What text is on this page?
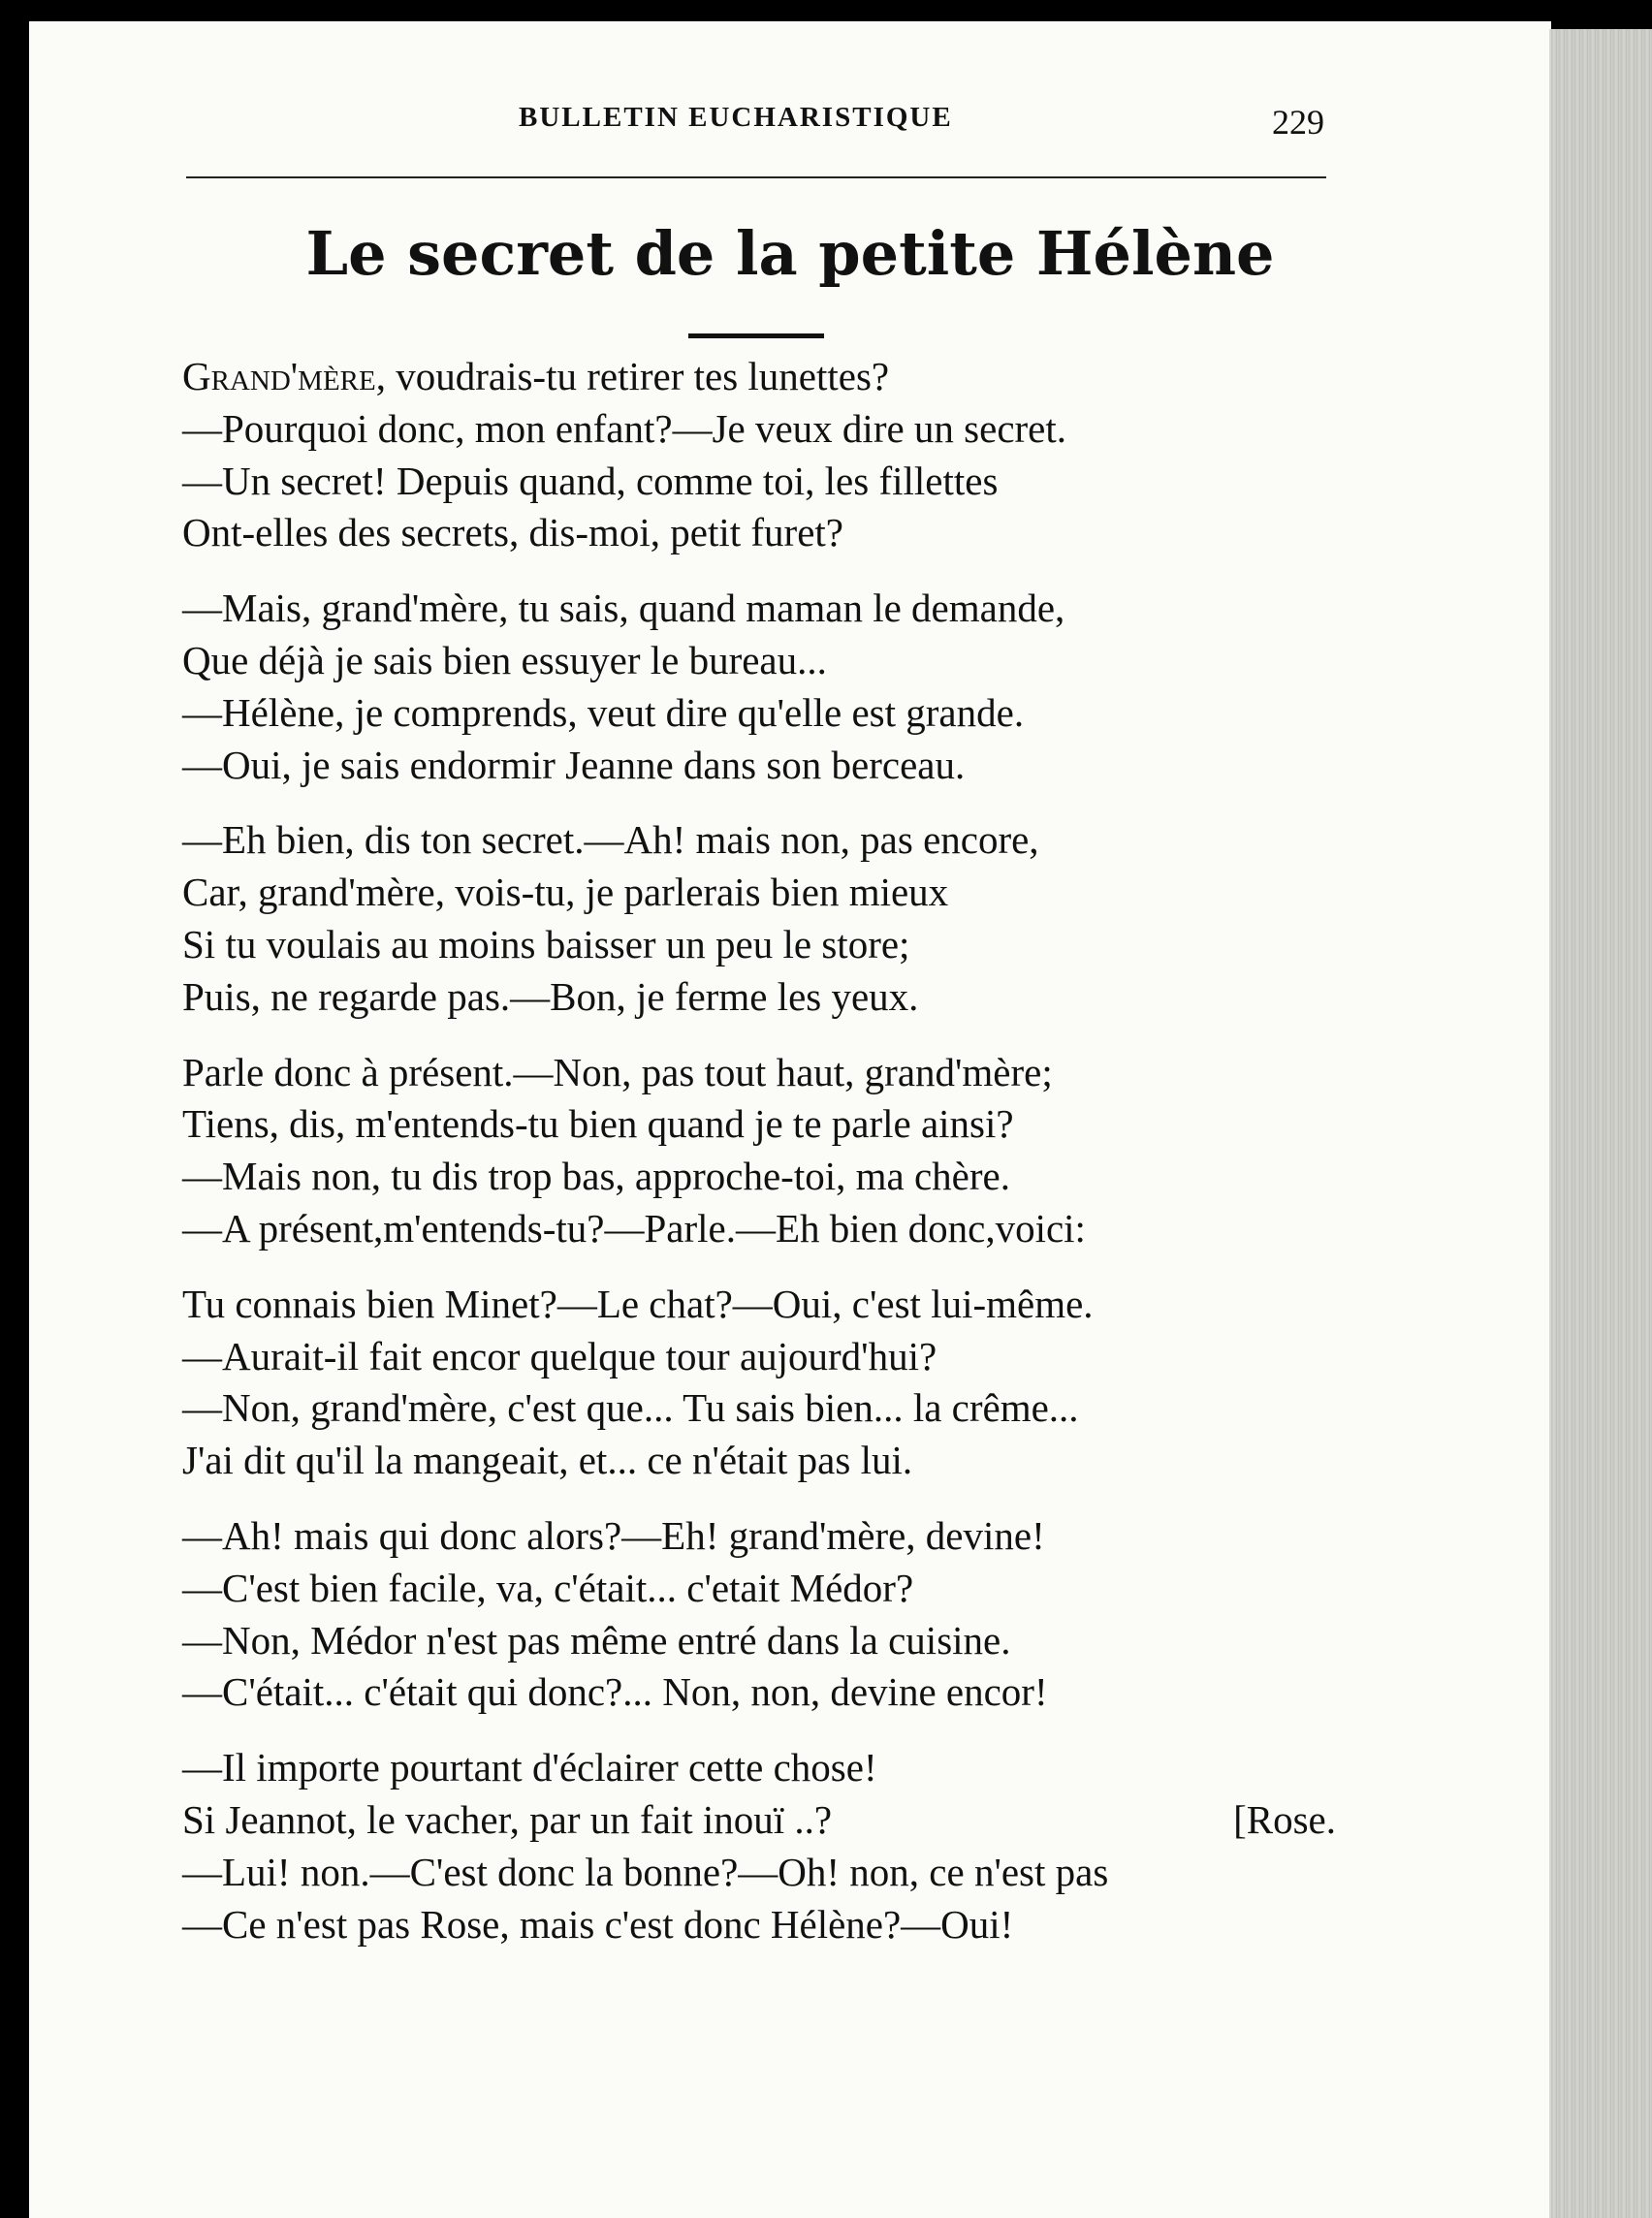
BULLETIN EUCHARISTIQUE	229
Le secret de la petite Hélène
Grand'mère, voudrais-tu retirer tes lunettes?
—Pourquoi donc, mon enfant?—Je veux dire un secret.
—Un secret! Depuis quand, comme toi, les fillettes
Ont-elles des secrets, dis-moi, petit furet?
—Mais, grand'mère, tu sais, quand maman le demande,
Que déjà je sais bien essuyer le bureau...
—Hélène, je comprends, veut dire qu'elle est grande.
—Oui, je sais endormir Jeanne dans son berceau.
—Eh bien, dis ton secret.—Ah! mais non, pas encore,
Car, grand'mère, vois-tu, je parlerais bien mieux
Si tu voulais au moins baisser un peu le store;
Puis, ne regarde pas.—Bon, je ferme les yeux.
Parle donc à présent.—Non, pas tout haut, grand'mère;
Tiens, dis, m'entends-tu bien quand je te parle ainsi?
—Mais non, tu dis trop bas, approche-toi, ma chère.
—A présent,m'entends-tu?—Parle.—Eh bien donc,voici:
Tu connais bien Minet?—Le chat?—Oui, c'est lui-même.
—Aurait-il fait encor quelque tour aujourd'hui?
—Non, grand'mère, c'est que... Tu sais bien... la crême...
J'ai dit qu'il la mangeait, et... ce n'était pas lui.
—Ah! mais qui donc alors?—Eh! grand'mère, devine!
—C'est bien facile, va, c'était... c'etait Médor?
—Non, Médor n'est pas même entré dans la cuisine.
—C'était... c'était qui donc?... Non, non, devine encor!
—Il importe pourtant d'éclairer cette chose!
Si Jeannot, le vacher, par un fait inouï ..?	[Rose.
—Lui! non.—C'est donc la bonne?—Oh! non, ce n'est pas
—Ce n'est pas Rose, mais c'est donc Hélène?—Oui!
